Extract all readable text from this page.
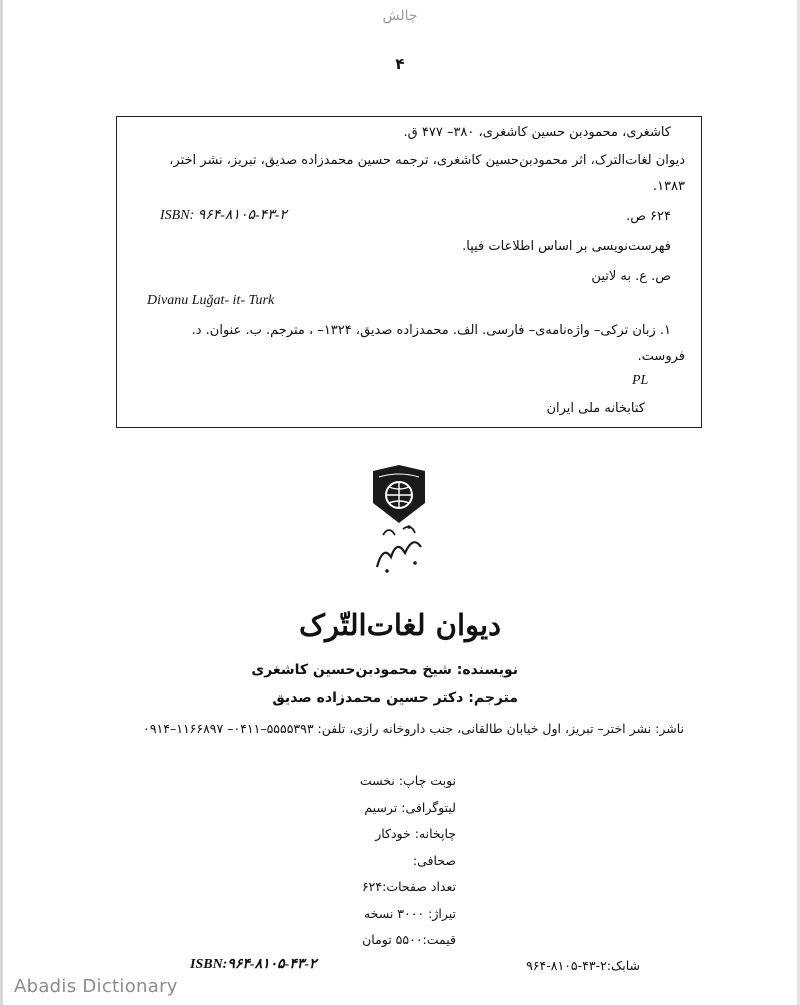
چالش
۴
کاشغری، محمودبن حسین کاشغری، ۳۸۰– ۴۷۷ ق.
دیوان لغات‌الترک، اثر محمودبن‌حسین کاشغری، ترجمه حسین محمدزاده صدیق، تبریز، نشر اختر،
۱۳۸۳.
۶۲۴ ص.
ISBN: ۹۶۴-۸۱۰۵-۴۳-۲
فهرست‌نویسی بر اساس اطلاعات فیپا.
ص. ع. به لاتین
Divanu Luğat- it- Turk
۱. زبان ترکی– واژه‌نامه‌ی– فارسی. الف. محمدزاده صدیق، ۱۳۲۴– ، مترجم. ب. عنوان. د.
فروست.
PL
کتابخانه ملی ایران
دیوان لغات‌التّرک
نویسنده: شیخ محمودبن‌حسین کاشغری
مترجم: دکتر حسین محمدزاده صدیق
ناشر: نشر اختر– تبریز، اول خیابان طالقانی، جنب داروخانه رازی، تلفن: ۵۵۵۵۳۹۳–۰۴۱۱– ۱۱۶۶۸۹۷–۰۹۱۴
نوبت چاپ: نخست
لیتوگرافی: ترسیم
چاپخانه: خودکار
صحافی:
تعداد صفحات:۶۲۴
تیراژ: ۳۰۰۰ نسخه
قیمت:۵۵۰۰ تومان
شابک:۲-۴۳-۸۱۰۵-۹۶۴
ISBN:۹۶۴-۸۱۰۵-۴۳-۲
Abadis Dictionary
